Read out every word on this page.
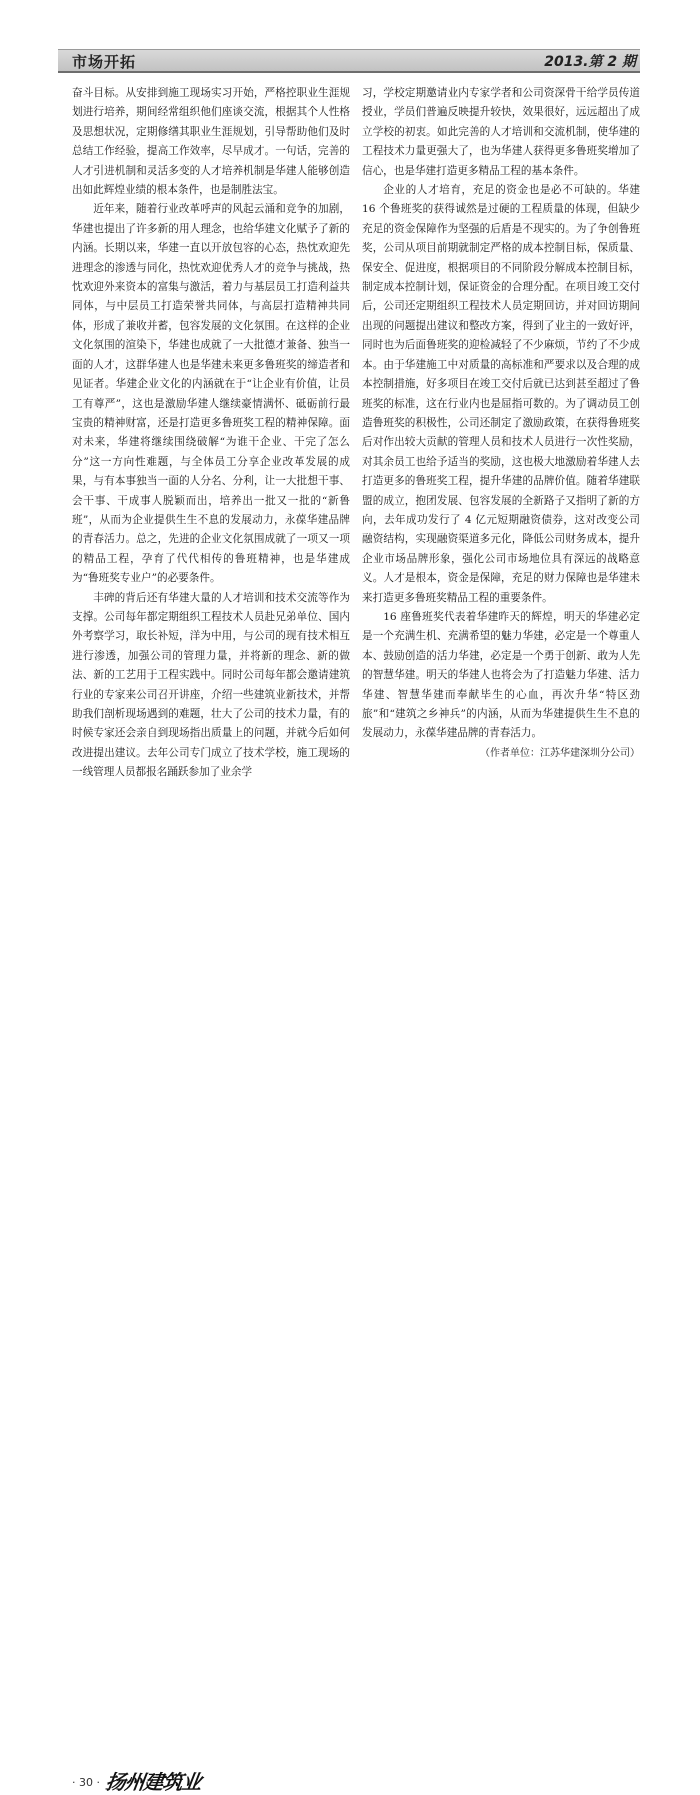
市场开拓	2013.第 2 期

奋斗目标。从安排到施工现场实习开始，严格控职业生涯规划进行培养，期间经常组织他们座谈交流，根据其个人性格及思想状况，定期修缮其职业生涯规划，引导帮助他们及时总结工作经验，提高工作效率，尽早成才。一句话，完善的人才引进机制和灵活多变的人才培养机制是华建人能够创造出如此辉煌业绩的根本条件，也是制胜法宝。

近年来，随着行业改革呼声的风起云涌和竞争的加剧，华建也提出了许多新的用人理念，也给华建文化赋予了新的内涵。长期以来，华建一直以开放包容的心态，热忱欢迎先进理念的渗透与同化，热忱欢迎优秀人才的竞争与挑战，热忱欢迎外来资本的富集与激活，着力与基层员工打造利益共同体，与中层员工打造荣誉共同体，与高层打造精神共同体，形成了兼收并蓄，包容发展的文化氛围。在这样的企业文化氛围的渲染下，华建也成就了一大批德才兼备、独当一面的人才，这群华建人也是华建未来更多鲁班奖的缔造者和见证者。华建企业文化的内涵就在于“让企业有价值，让员工有尊严”，这也是激励华建人继续豪情满怀、砥砺前行最宝贵的精神财富，还是打造更多鲁班奖工程的精神保障。面对未来，华建将继续围绕破解“为谁干企业、干完了怎么分”这一方向性难题，与全体员工分享企业改革发展的成果，与有本事独当一面的人分名、分利，让一大批想干事、会干事、干成事人脱颖而出，培养出一批又一批的“新鲁班”，从而为企业提供生生不息的发展动力，永葆华建品牌的青春活力。总之，先进的企业文化氛围成就了一项又一项的精品工程，孕育了代代相传的鲁班精神，也是华建成为“鲁班奖专业户”的必要条件。

丰碑的背后还有华建大量的人才培训和技术交流等作为支撑。公司每年都定期组织工程技术人员赴兄弟单位、国内外考察学习，取长补短，洋为中用，与公司的现有技术相互进行渗透，加强公司的管理力量，并将新的理念、新的做法、新的工艺用于工程实践中。同时公司每年都会邀请建筑行业的专家来公司召开讲座，介绍一些建筑业新技术，并帮助我们剖析现场遇到的难题，壮大了公司的技术力量，有的时候专家还会亲自到现场指出质量上的问题，并就今后如何改进提出建议。去年公司专门成立了技术学校，施工现场的一线管理人员都报名踊跃参加了业余学

习，学校定期邀请业内专家学者和公司资深骨干给学员传道授业，学员们普遍反映提升较快，效果很好，远远超出了成立学校的初衷。如此完善的人才培训和交流机制，使华建的工程技术力量更强大了，也为华建人获得更多鲁班奖增加了信心，也是华建打造更多精品工程的基本条件。

企业的人才培育，充足的资金也是必不可缺的。华建 16 个鲁班奖的获得诚然是过硬的工程质量的体现，但缺少充足的资金保障作为坚强的后盾是不现实的。为了争创鲁班奖，公司从项目前期就制定严格的成本控制目标，保质量、保安全、促进度，根据项目的不同阶段分解成本控制目标，制定成本控制计划，保证资金的合理分配。在项目竣工交付后，公司还定期组织工程技术人员定期回访，并对回访期间出现的问题提出建议和整改方案，得到了业主的一致好评，同时也为后面鲁班奖的迎检减轻了不少麻烦，节约了不少成本。由于华建施工中对质量的高标准和严要求以及合理的成本控制措施，好多项目在竣工交付后就已达到甚至超过了鲁班奖的标准，这在行业内也是屈指可数的。为了调动员工创造鲁班奖的积极性，公司还制定了激励政策，在获得鲁班奖后对作出较大贡献的管理人员和技术人员进行一次性奖励，对其余员工也给予适当的奖励，这也极大地激励着华建人去打造更多的鲁班奖工程，提升华建的品牌价值。随着华建联盟的成立，抱团发展、包容发展的全新路子又指明了新的方向，去年成功发行了 4 亿元短期融资债券，这对改变公司融资结构，实现融资渠道多元化，降低公司财务成本，提升企业市场品牌形象，强化公司市场地位具有深远的战略意义。人才是根本，资金是保障，充足的财力保障也是华建未来打造更多鲁班奖精品工程的重要条件。

16 座鲁班奖代表着华建昨天的辉煌，明天的华建必定是一个充满生机、充满希望的魅力华建，必定是一个尊重人本、鼓励创造的活力华建，必定是一个勇于创新、敢为人先的智慧华建。明天的华建人也将会为了打造魅力华建、活力华建、智慧华建而奉献毕生的心血，再次升华“特区劲旅”和“建筑之乡神兵”的内涵，从而为华建提供生生不息的发展动力，永葆华建品牌的青春活力。

（作者单位：江苏华建深圳分公司）

· 30 · 扬州建筑业
